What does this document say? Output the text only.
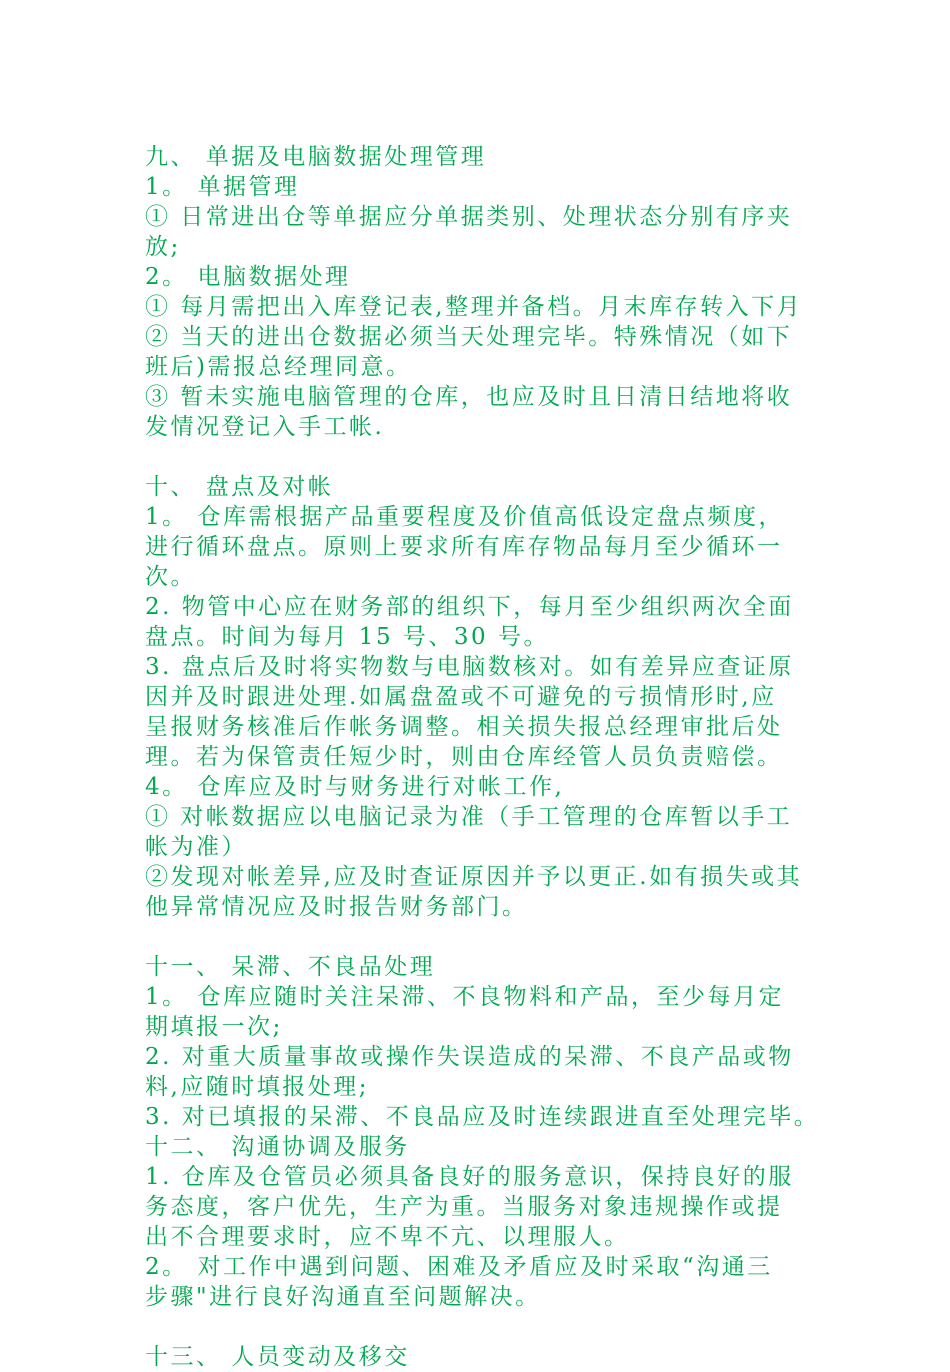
九、 单据及电脑数据处理管理
1。 单据管理
① 日常进出仓等单据应分单据类别、处理状态分别有序夹
放;
2。 电脑数据处理
① 每月需把出入库登记表,整理并备档。月末库存转入下月
② 当天的进出仓数据必须当天处理完毕。特殊情况（如下
班后)需报总经理同意。
③ 暂未实施电脑管理的仓库，也应及时且日清日结地将收
发情况登记入手工帐.
十、 盘点及对帐
1。 仓库需根据产品重要程度及价值高低设定盘点频度，
进行循环盘点。原则上要求所有库存物品每月至少循环一
次。
2. 物管中心应在财务部的组织下，每月至少组织两次全面
盘点。时间为每月 15 号、30 号。
3. 盘点后及时将实物数与电脑数核对。如有差异应查证原
因并及时跟进处理.如属盘盈或不可避免的亏损情形时,应
呈报财务核准后作帐务调整。相关损失报总经理审批后处
理。若为保管责任短少时，则由仓库经管人员负责赔偿。
4。 仓库应及时与财务进行对帐工作,
① 对帐数据应以电脑记录为准（手工管理的仓库暂以手工
帐为准）
②发现对帐差异,应及时查证原因并予以更正.如有损失或其
他异常情况应及时报告财务部门。
十一、 呆滞、不良品处理
1。 仓库应随时关注呆滞、不良物料和产品，至少每月定
期填报一次;
2. 对重大质量事故或操作失误造成的呆滞、不良产品或物
料,应随时填报处理;
3. 对已填报的呆滞、不良品应及时连续跟进直至处理完毕。
十二、 沟通协调及服务
1. 仓库及仓管员必须具备良好的服务意识，保持良好的服
务态度，客户优先，生产为重。当服务对象违规操作或提
出不合理要求时，应不卑不亢、以理服人。
2。 对工作中遇到问题、困难及矛盾应及时采取“沟通三
步骤"进行良好沟通直至问题解决。
十三、 人员变动及移交
